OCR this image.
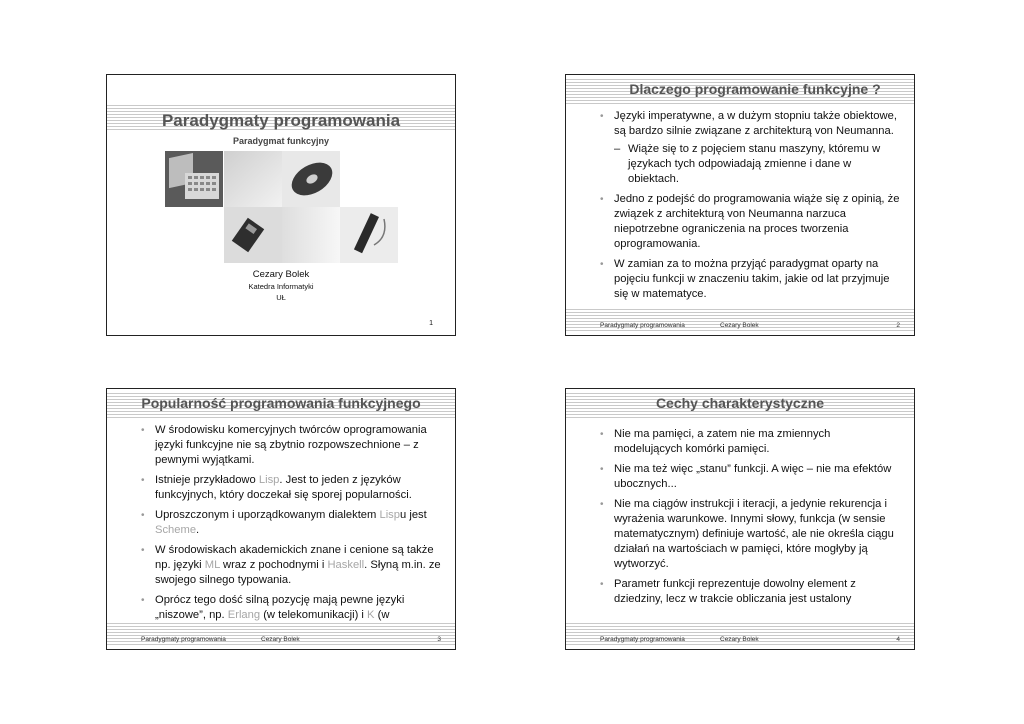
Paradygmaty programowania
Paradygmat funkcyjny
Cezary Bolek
Katedra Informatyki
UŁ
1
Dlaczego programowanie funkcyjne ?
• Języki imperatywne, a w dużym stopniu także obiektowe, są bardzo silnie związane z architekturą von Neumanna.
– Wiąże się to z pojęciem stanu maszyny, któremu w językach tych odpowiadają zmienne i dane w obiektach.
• Jedno z podejść do programowania wiąże się z opinią, że związek z architekturą von Neumanna narzuca niepotrzebne ograniczenia na proces tworzenia oprogramowania.
• W zamian za to można przyjąć paradygmat oparty na pojęciu funkcji w znaczeniu takim, jakie od lat przyjmuje się w matematyce.
Paradygmaty programowania	Cezary Bolek	2
Popularność programowania funkcyjnego
• W środowisku komercyjnych twórców oprogramowania języki funkcyjne nie są zbytnio rozpowszechnione – z pewnymi wyjątkami.
• Istnieje przykładowo Lisp. Jest to jeden z języków funkcyjnych, który doczekał się sporej popularności.
• Uproszczonym i uporządkowanym dialektem Lispu jest Scheme.
• W środowiskach akademickich znane i cenione są także np. języki ML wraz z pochodnymi i Haskell. Słyną m.in. ze swojego silnego typowania.
• Oprócz tego dość silną pozycję mają pewne języki „niszowe”, np. Erlang (w telekomunikacji) i K (w
Paradygmaty programowania	Cezary Bolek	3
Cechy charakterystyczne
• Nie ma pamięci, a zatem nie ma zmiennych modelujących komórki pamięci.
• Nie ma też więc „stanu” funkcji. A więc – nie ma efektów ubocznych...
• Nie ma ciągów instrukcji i iteracji, a jedynie rekurencja i wyrażenia warunkowe. Innymi słowy, funkcja (w sensie matematycznym) definiuje wartość, ale nie określa ciągu działań na wartościach w pamięci, które mogłyby ją wytworzyć.
• Parametr funkcji reprezentuje dowolny element z dziedziny, lecz w trakcie obliczania jest ustalony
Paradygmaty programowania	Cezary Bolek	4
